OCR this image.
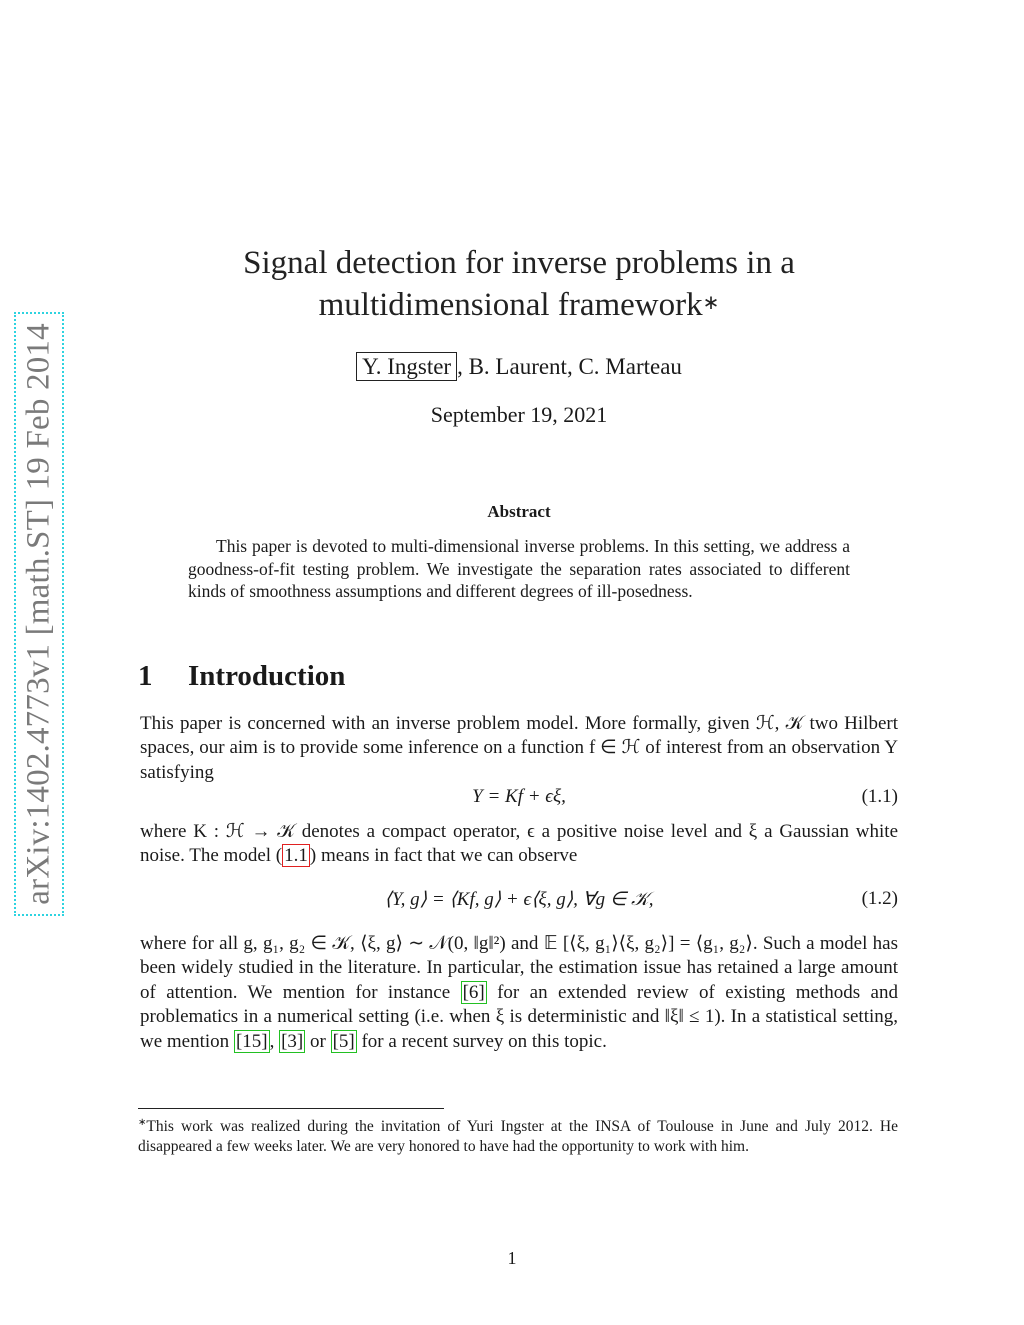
arXiv:1402.4773v1 [math.ST] 19 Feb 2014
Signal detection for inverse problems in a
multidimensional framework∗
Y. Ingster , B. Laurent, C. Marteau
September 19, 2021
Abstract
This paper is devoted to multi-dimensional inverse problems. In this setting, we address a goodness-of-fit testing problem. We investigate the separation rates associated to different kinds of smoothness assumptions and different degrees of ill-posedness.
1 Introduction
This paper is concerned with an inverse problem model. More formally, given ℋ, 𝒦 two Hilbert spaces, our aim is to provide some inference on a function f ∈ ℋ of interest from an observation Y satisfying
Y = Kf + ϵξ,	(1.1)
where K : ℋ → 𝒦 denotes a compact operator, ϵ a positive noise level and ξ a Gaussian white noise. The model ( 1.1 ) means in fact that we can observe
⟨Y, g⟩ = ⟨Kf, g⟩ + ϵ⟨ξ, g⟩, ∀g ∈ 𝒦,	(1.2)
where for all g, g₁, g₂ ∈ 𝒦, ⟨ξ, g⟩ ∼ 𝒩(0, ‖g‖²) and 𝔼 [⟨ξ, g₁⟩⟨ξ, g₂⟩] = ⟨g₁, g₂⟩. Such a model has been widely studied in the literature. In particular, the estimation issue has retained a large amount of attention. We mention for instance [6] for an extended review of existing methods and problematics in a numerical setting (i.e. when ξ is deterministic and ‖ξ‖ ≤ 1). In a statistical setting, we mention [15] , [3] or [5] for a recent survey on this topic.
∗This work was realized during the invitation of Yuri Ingster at the INSA of Toulouse in June and July 2012. He disappeared a few weeks later. We are very honored to have had the opportunity to work with him.
1
